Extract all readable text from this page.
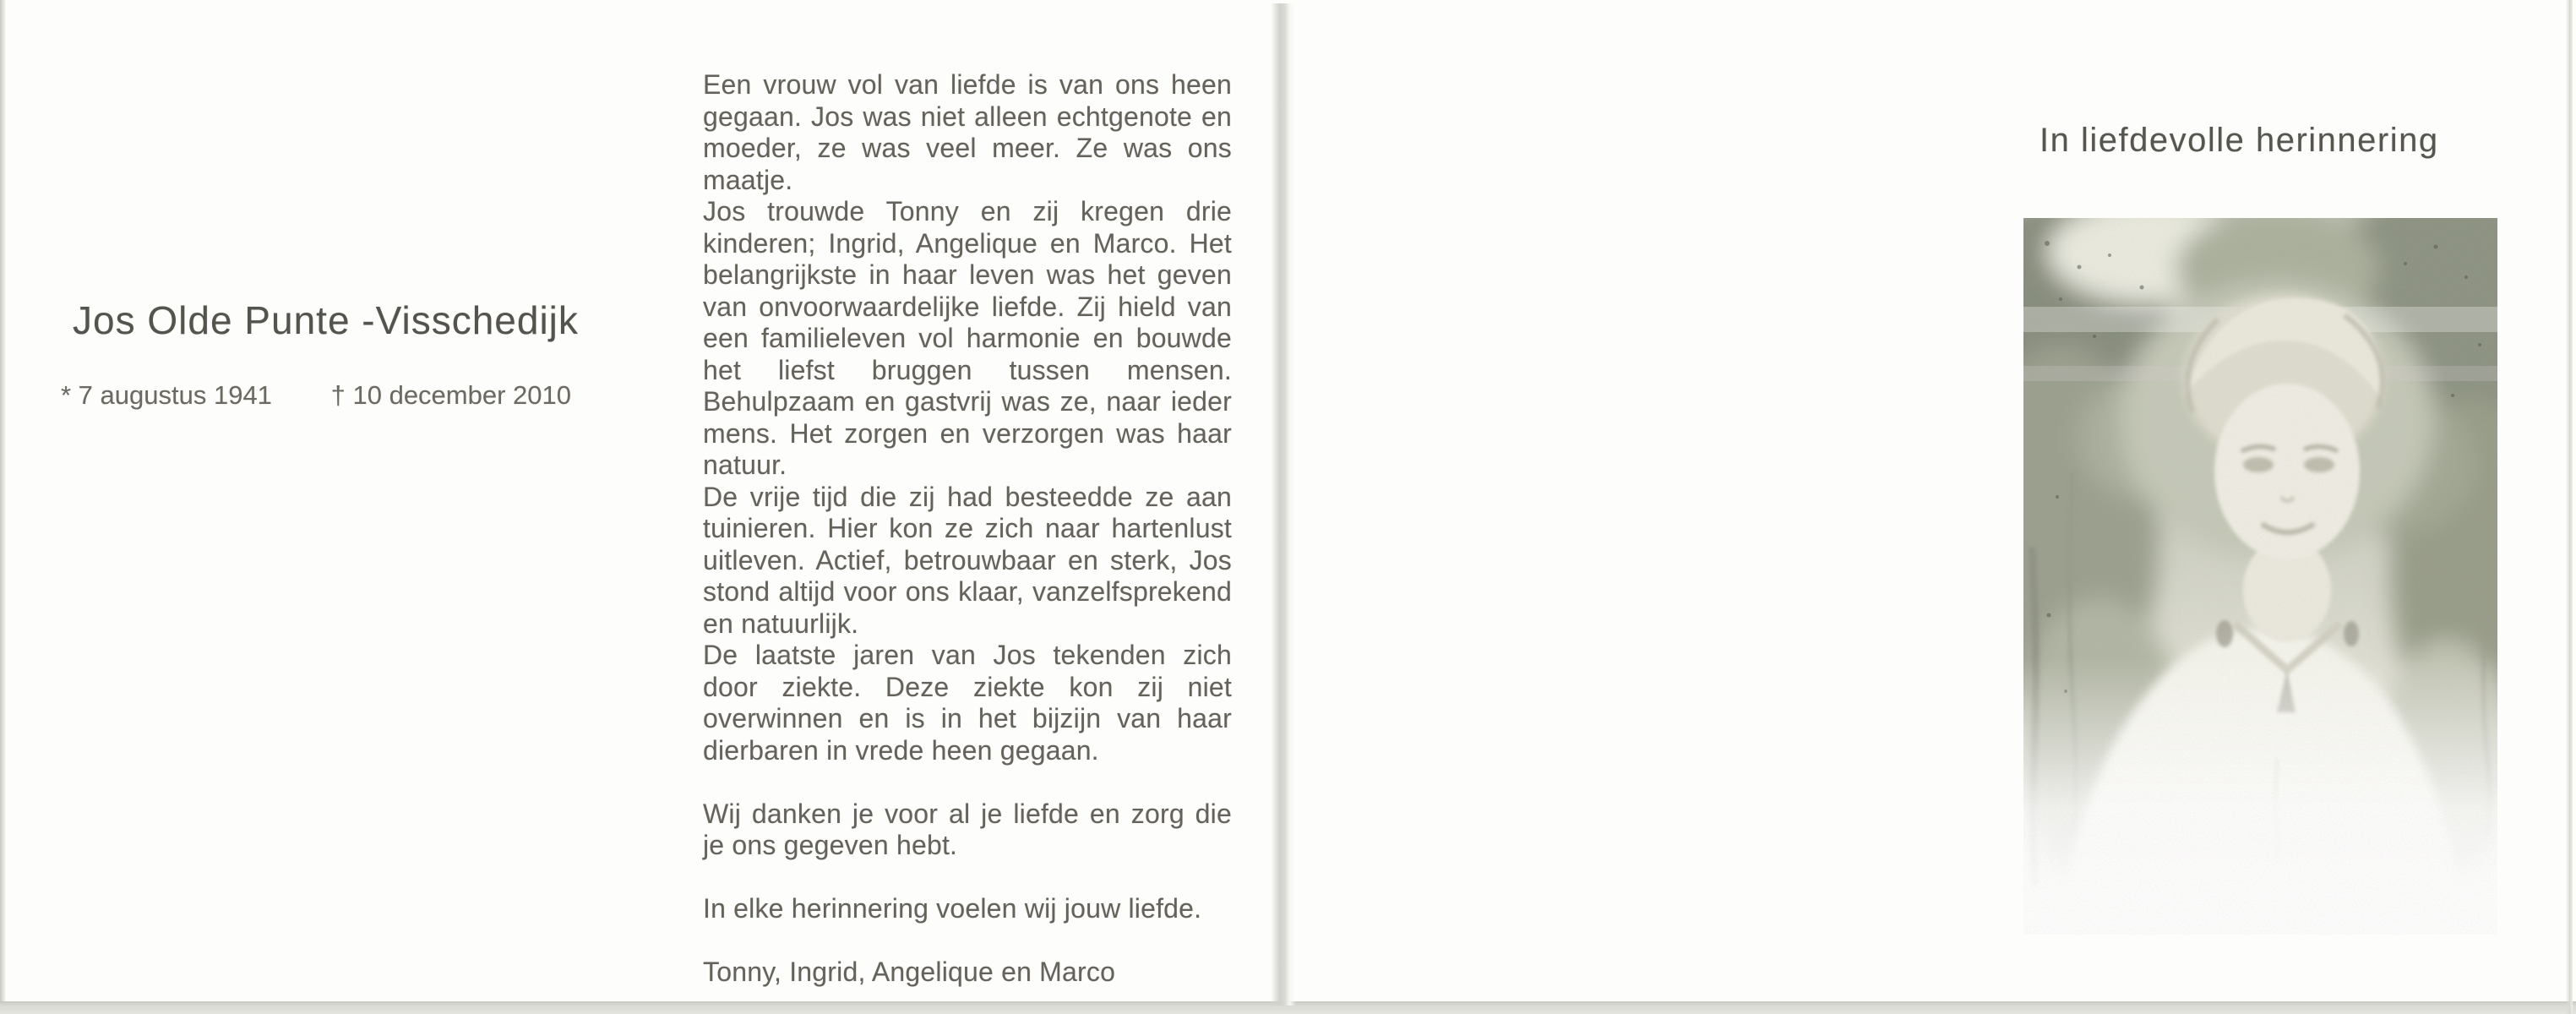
Jos Olde Punte -Visschedijk
* 7 augustus 1941 † 10 december 2010

Een vrouw vol van liefde is van ons heen gegaan. Jos was niet alleen echtgenote en moeder, ze was veel meer. Ze was ons maatje.

Jos trouwde Tonny en zij kregen drie kinderen; Ingrid, Angelique en Marco. Het belangrijkste in haar leven was het geven van onvoorwaardelijke liefde. Zij hield van een familieleven vol harmonie en bouwde het liefst bruggen tussen mensen. Behulpzaam en gastvrij was ze, naar ieder mens. Het zorgen en verzorgen was haar natuur.

De vrije tijd die zij had besteedde ze aan tuinieren. Hier kon ze zich naar hartenlust uitleven. Actief, betrouwbaar en sterk, Jos stond altijd voor ons klaar, vanzelfsprekend en natuurlijk.

De laatste jaren van Jos tekenden zich door ziekte. Deze ziekte kon zij niet overwinnen en is in het bijzijn van haar dierbaren in vrede heen gegaan.

Wij danken je voor al je liefde en zorg die je ons gegeven hebt.

In elke herinnering voelen wij jouw liefde.

Tonny, Ingrid, Angelique en Marco

In liefdevolle herinnering
